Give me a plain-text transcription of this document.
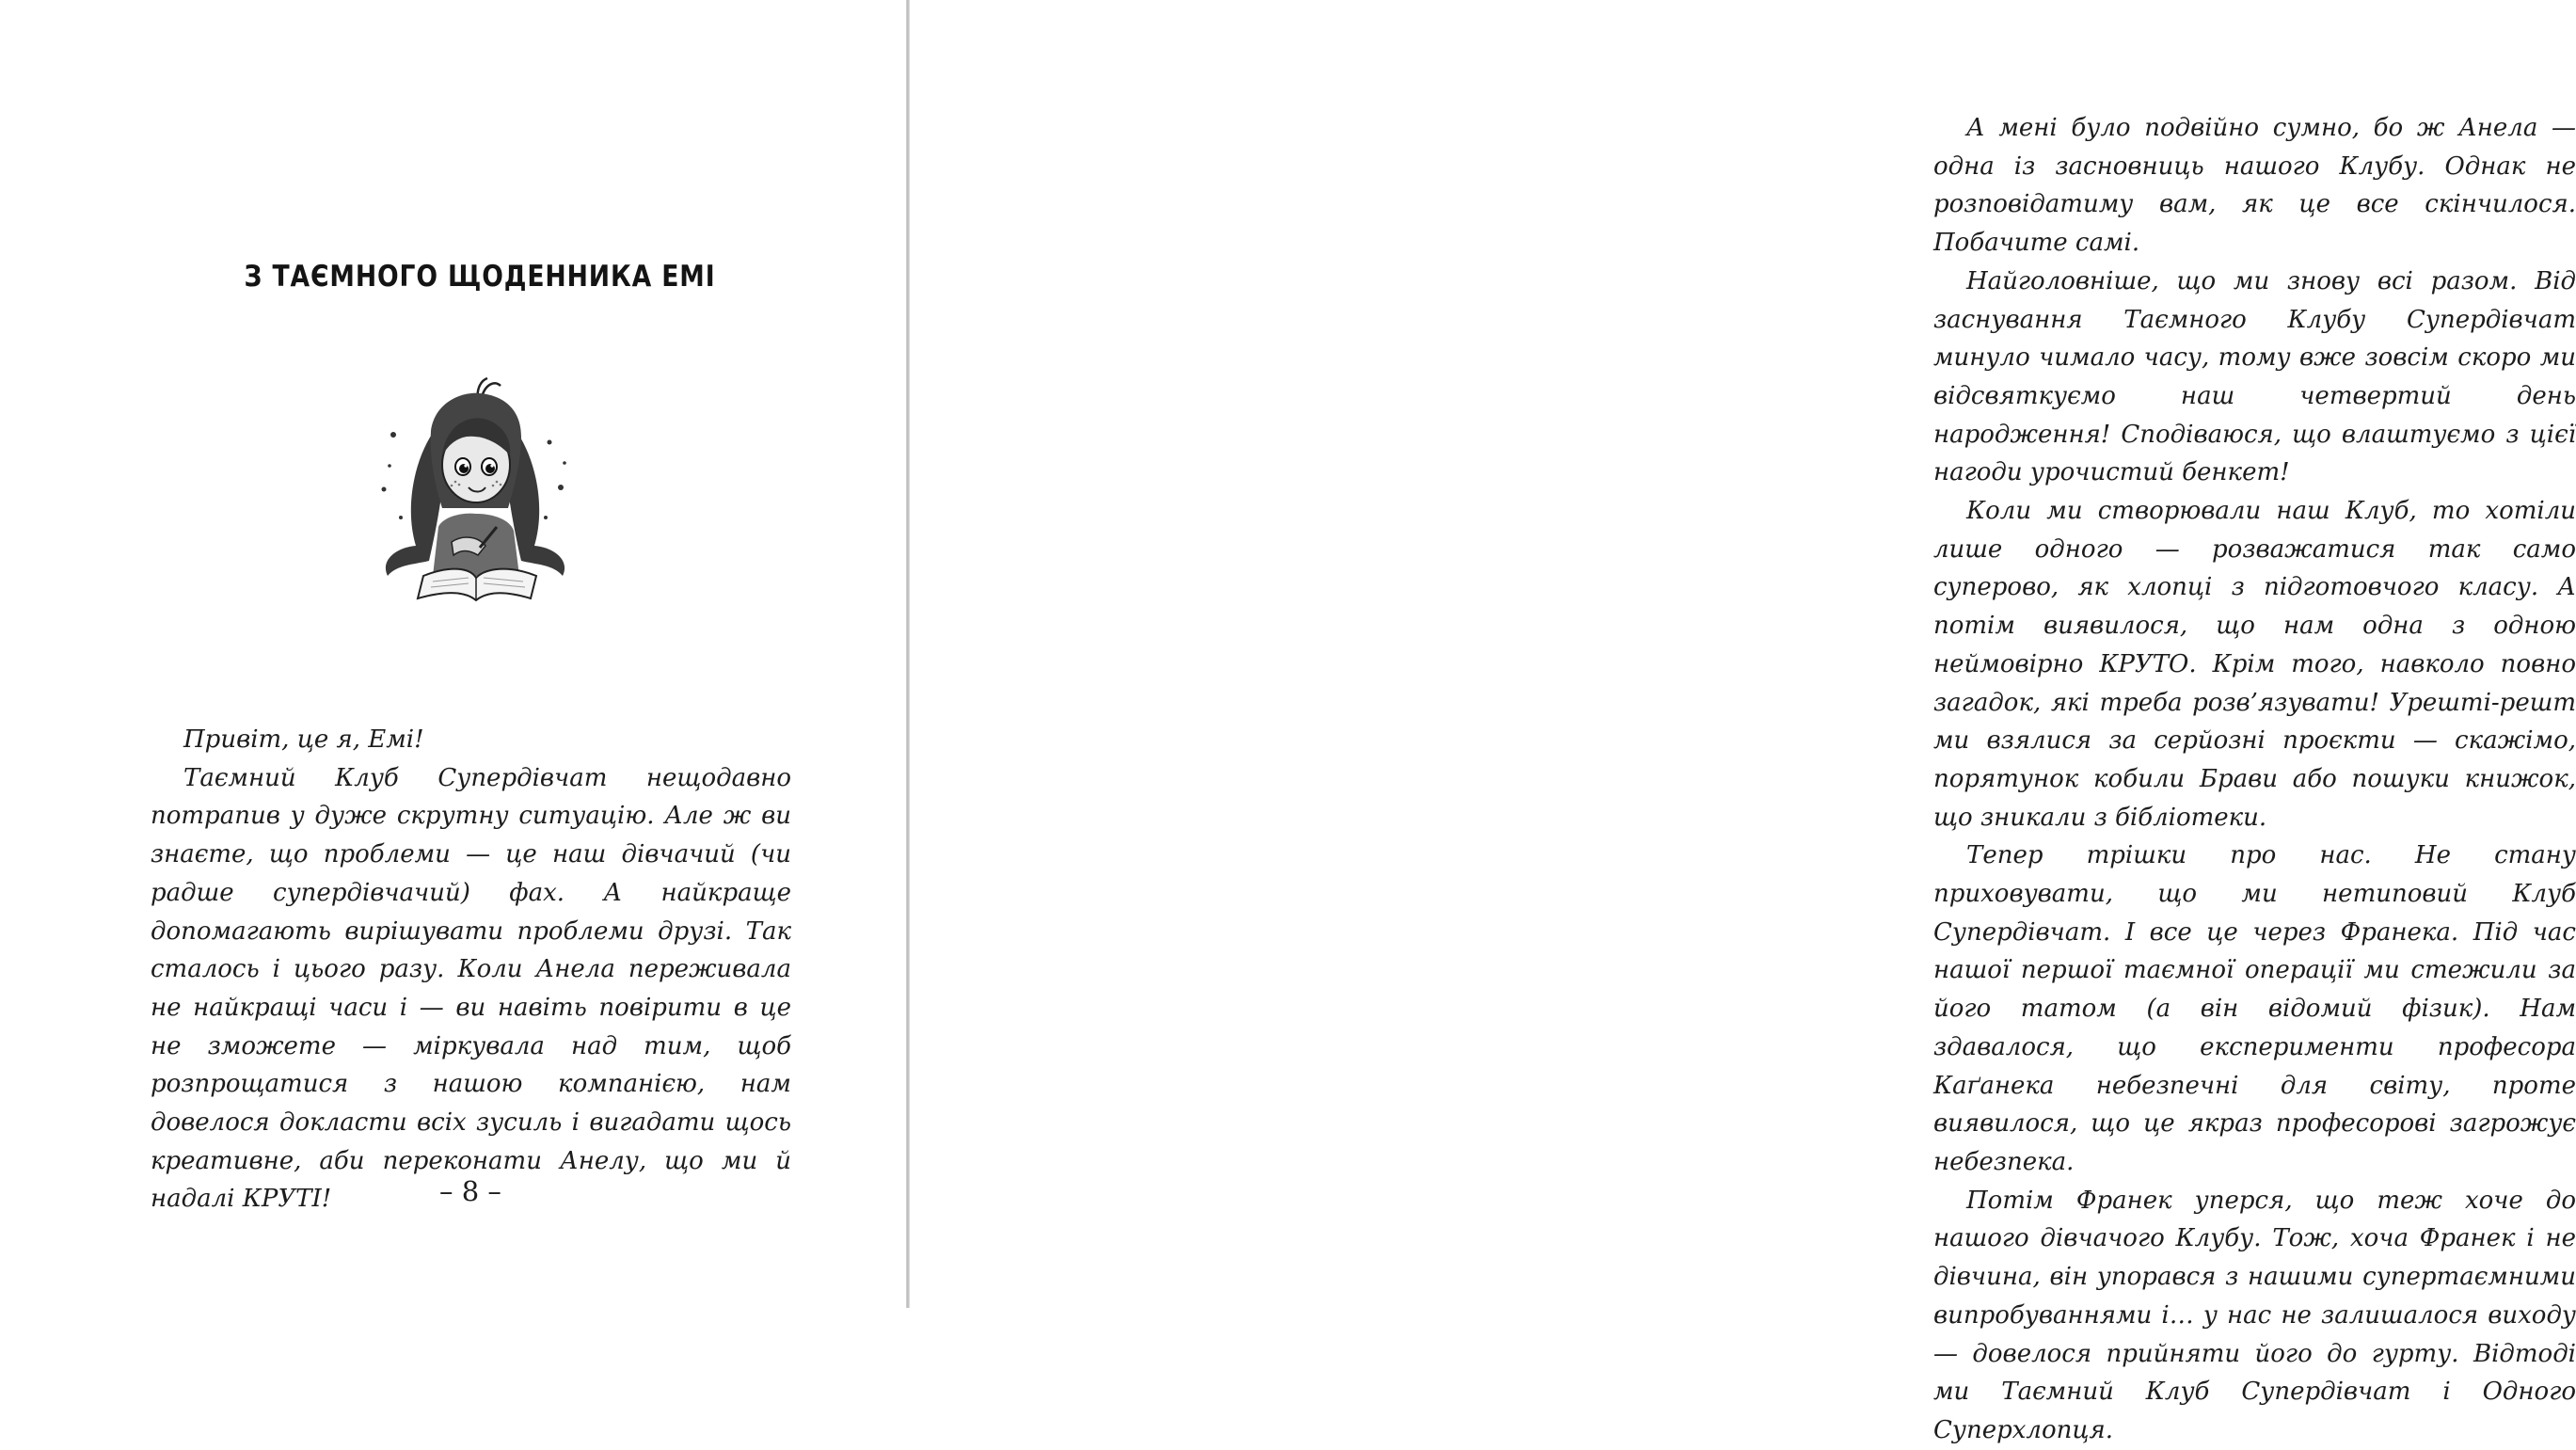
З ТАЄМНОГО ЩОДЕННИКА ЕМІ

Привіт, це я, Емі!

Таємний Клуб Супердівчат нещодавно потрапив у дуже скрутну ситуацію. Але ж ви знаєте, що проблеми — це наш дівчачий (чи радше супердівчачий) фах. А найкраще допомагають вирішувати проблеми друзі. Так сталось і цього разу. Коли Анела переживала не найкращі часи і — ви навіть повірити в це не зможете — міркувала над тим, щоб розпрощатися з нашою компанією, нам довелося докласти всіх зусиль і вигадати щось креативне, аби переконати Анелу, що ми й надалі КРУТІ!	– 8 –

А мені було подвійно сумно, бо ж Анела — одна із засновниць нашого Клубу. Однак не розповідатиму вам, як це все скінчилося. Побачите самі.

Найголовніше, що ми знову всі разом. Від заснування Таємного Клубу Супердівчат минуло чимало часу, тому вже зовсім скоро ми відсвяткуємо наш четвертий день народження! Сподіваюся, що влаштуємо з цієї нагоди урочистий бенкет!

Коли ми створювали наш Клуб, то хотіли лише одного — розважатися так само суперово, як хлопці з підготовчого класу. А потім виявилося, що нам одна з одною неймовірно КРУТО. Крім того, навколо повно загадок, які треба розв’язувати! Урешті-решт ми взялися за серйозні проєкти — скажімо, порятунок кобили Брави або пошуки книжок, що зникали з бібліотеки.

Тепер трішки про нас. Не стану приховувати, що ми нетиповий Клуб Супердівчат. І все це через Франека. Під час нашої першої таємної операції ми стежили за його татом (а він відомий фізик). Нам здавалося, що експерименти професора Каґанека небезпечні для світу, проте виявилося, що це якраз професорові загрожує небезпека.

Потім Франек уперся, що теж хоче до нашого дівчачого Клубу. Тож, хоча Франек і не дівчина, він упорався з нашими супертаємними випробуваннями і… у нас не залишалося виходу — довелося прийняти його до гурту. Відтоді ми Таємний Клуб Супердівчат і Одного Суперхлопця.
